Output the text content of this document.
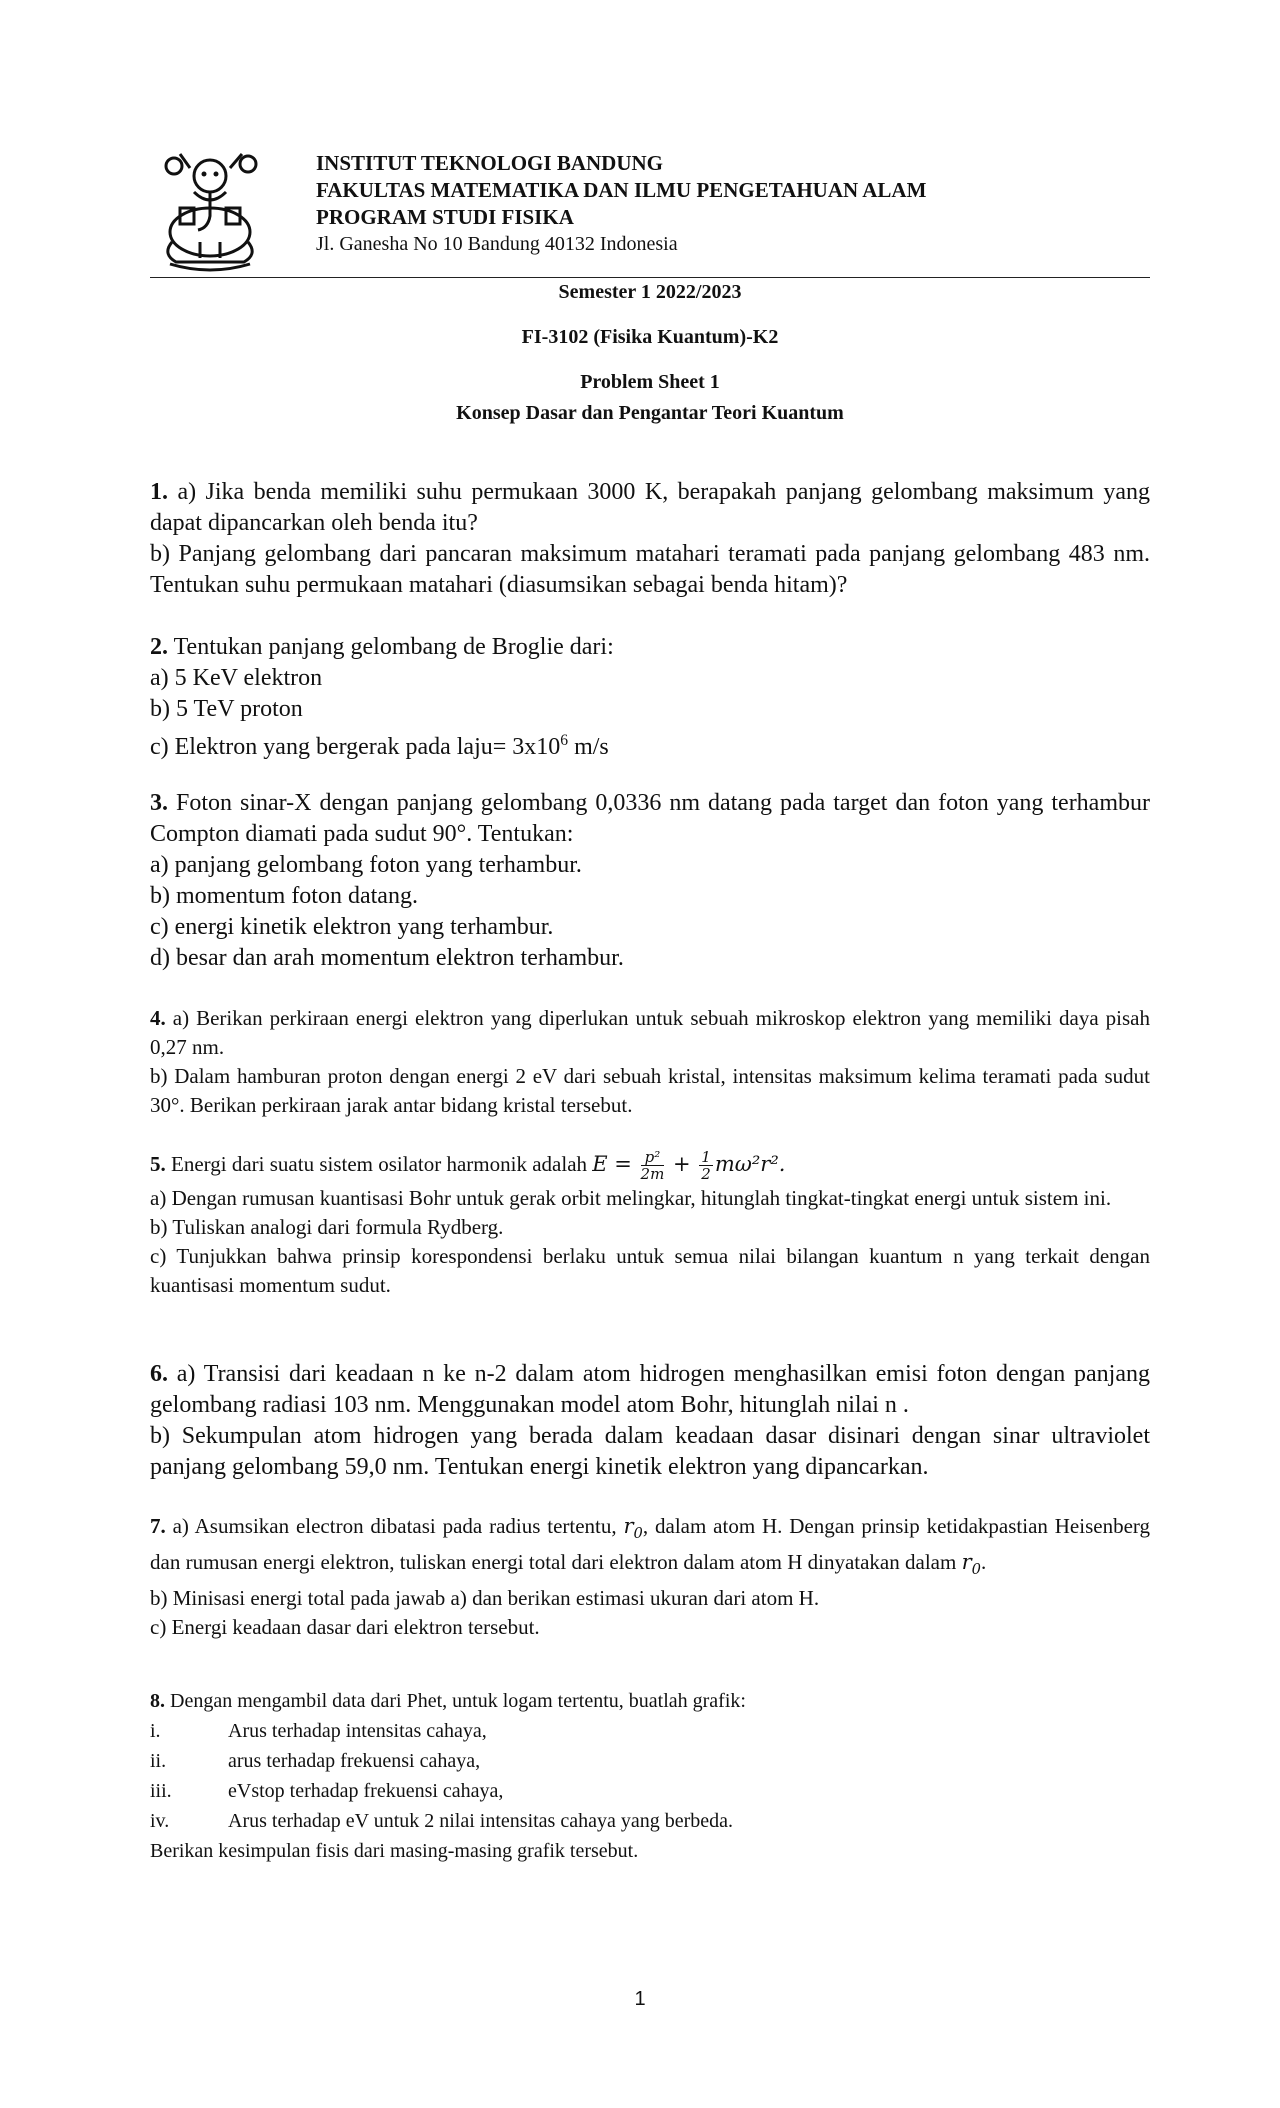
INSTITUT TEKNOLOGI BANDUNG
FAKULTAS MATEMATIKA DAN ILMU PENGETAHUAN ALAM
PROGRAM STUDI FISIKA
Jl. Ganesha No 10 Bandung 40132 Indonesia
Semester 1 2022/2023
FI-3102 (Fisika Kuantum)-K2
Problem Sheet 1
Konsep Dasar dan Pengantar Teori Kuantum

1. a) Jika benda memiliki suhu permukaan 3000 K, berapakah panjang gelombang maksimum yang dapat dipancarkan oleh benda itu?

b) Panjang gelombang dari pancaran maksimum matahari teramati pada panjang gelombang 483 nm. Tentukan suhu permukaan matahari (diasumsikan sebagai benda hitam)?

2. Tentukan panjang gelombang de Broglie dari:

a) 5 KeV elektron
b) 5 TeV proton
c) Elektron yang bergerak pada laju= $3x10^6$ m/s

3. Foton sinar-X dengan panjang gelombang 0,0336 nm datang pada target dan foton yang terhambur Compton diamati pada sudut 90°. Tentukan:

a) panjang gelombang foton yang terhambur.
b) momentum foton datang.
c) energi kinetik elektron yang terhambur.
d) besar dan arah momentum elektron terhambur.

4. a) Berikan perkiraan energi elektron yang diperlukan untuk sebuah mikroskop elektron yang memiliki daya pisah 0,27 nm.

b) Dalam hamburan proton dengan energi 2 eV dari sebuah kristal, intensitas maksimum kelima teramati pada sudut 30°. Berikan perkiraan jarak antar bidang kristal tersebut.

5. Energi dari suatu sistem osilator harmonik adalah $E = \frac{\text{p²}}{2m} + \frac{1}{2} m\omega^2r^2$.

a) Dengan rumusan kuantisasi Bohr untuk gerak orbit melingkar, hitunglah tingkat-tingkat energi untuk sistem ini.

b) Tuliskan analogi dari formula Rydberg.

c) Tunjukkan bahwa prinsip korespondensi berlaku untuk semua nilai bilangan kuantum n yang terkait dengan kuantisasi momentum sudut.

6. a) Transisi dari keadaan n ke n-2 dalam atom hidrogen menghasilkan emisi foton dengan panjang gelombang radiasi 103 nm. Menggunakan model atom Bohr, hitunglah nilai n .

b) Sekumpulan atom hidrogen yang berada dalam keadaan dasar disinari dengan sinar ultraviolet panjang gelombang 59,0 nm. Tentukan energi kinetik elektron yang dipancarkan.

7. a) Asumsikan electron dibatasi pada radius tertentu, $r_0$, dalam atom H. Dengan prinsip ketidakpastian Heisenberg dan rumusan energi elektron, tuliskan energi total dari elektron dalam atom H dinyatakan dalam $r_0$.

b) Minisasi energi total pada jawab a) dan berikan estimasi ukuran dari atom H.

c) Energi keadaan dasar dari elektron tersebut.

8. Dengan mengambil data dari Phet, untuk logam tertentu, buatlah grafik:

i.	Arus terhadap intensitas cahaya,
ii.	arus terhadap frekuensi cahaya,
iii.	eVstop terhadap frekuensi cahaya,
iv.	Arus terhadap eV untuk 2 nilai intensitas cahaya yang berbeda.

Berikan kesimpulan fisis dari masing-masing grafik tersebut.

1
